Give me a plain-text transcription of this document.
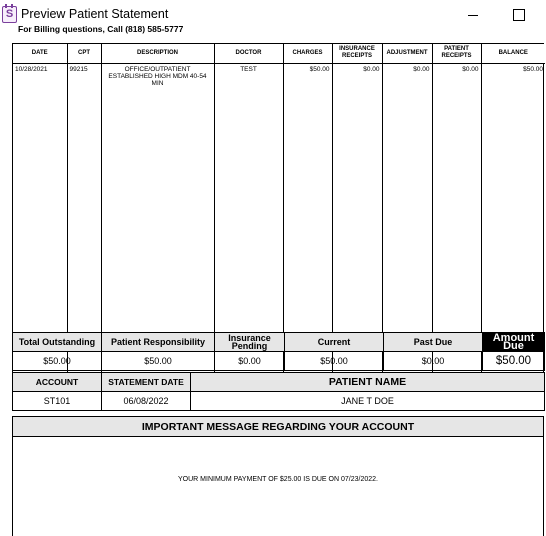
S Preview Patient Statement
For Billing questions, Call (818) 585-5777
DATE	CPT	DESCRIPTION	DOCTOR	CHARGES	INSURANCE RECEIPTS	ADJUSTMENT	PATIENT RECEIPTS	BALANCE
10/28/2021	99215	OFFICE/OUTPATIENT ESTABLISHED HIGH MDM 40-54 MIN	TEST	$50.00	$0.00	$0.00	$0.00	$50.00

Total Outstanding	Patient Responsibility	Insurance Pending	Current	Past Due	Amount Due
$50.00	$50.00	$0.00	$50.00	$0.00	$50.00
ACCOUNT	STATEMENT DATE	PATIENT NAME
ST101	06/08/2022	JANE T DOE
IMPORTANT MESSAGE REGARDING YOUR ACCOUNT
YOUR MINIMUM PAYMENT OF $25.00 IS DUE ON 07/23/2022.
